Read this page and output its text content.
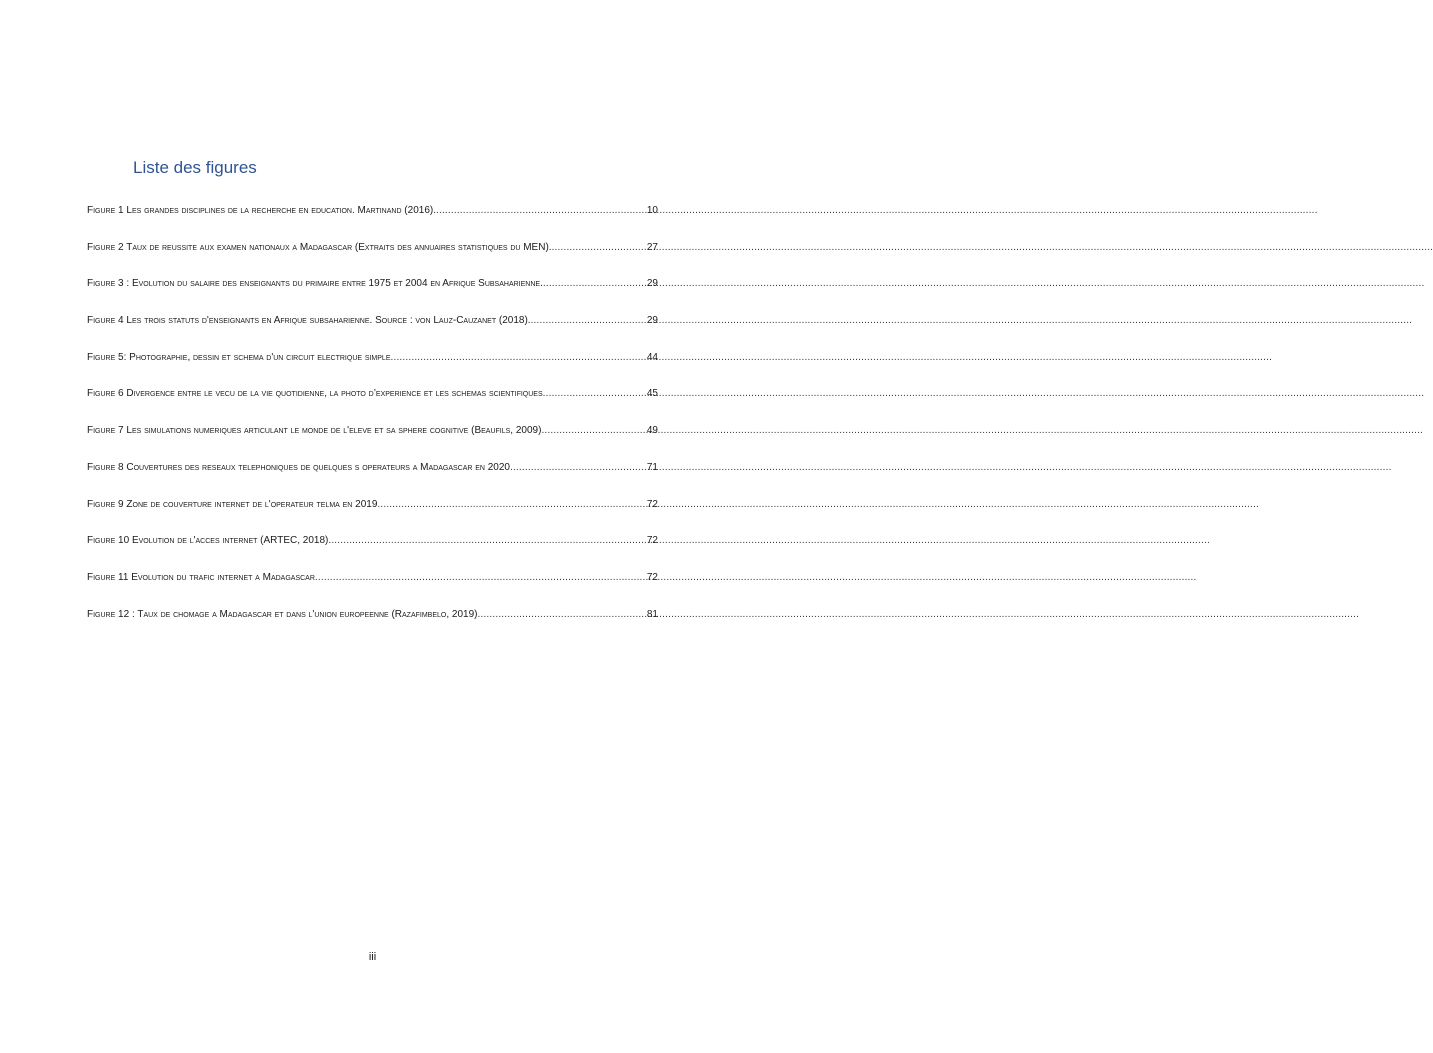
Liste des figures
Figure 1 Les grandes disciplines de la recherche en education. Martinand (2016). .....	10
Figure 2 Taux de reussite aux examen nationaux a Madagascar (Extraits des annuaires statistiques du MEN). .....	27
Figure 3 : Evolution du salaire des enseignants du primaire entre 1975 et 2004 en Afrique Subsaharienne. .....	29
Figure 4 Les trois statuts d'enseignants en Afrique subsaharienne. Source : von Lauz-Cauzanet (2018). .....	29
Figure 5: Photographie, dessin et schema d'un circuit electrique simple .....	44
Figure 6 Divergence entre le vecu de la vie quotidienne, la photo d’experience et les schemas scientifiques .....	45
Figure 7 Les simulations numeriques articulant le monde de l'eleve et sa sphere cognitive (Beaufils, 2009) .....	49
Figure 8 Couvertures des reseaux telephoniques de quelques s operateurs a Madagascar en 2020 .....	71
Figure 9 Zone de couverture internet de l'operateur telma en 2019 .....	72
Figure 10 Evolution de l'acces internet (ARTEC, 2018) .....	72
Figure 11 Evolution du trafic internet a Madagascar .....	72
Figure 12 : Taux de chomage a Madagascar et dans l'union europeenne (Razafimbelo, 2019) .....	81
iii
